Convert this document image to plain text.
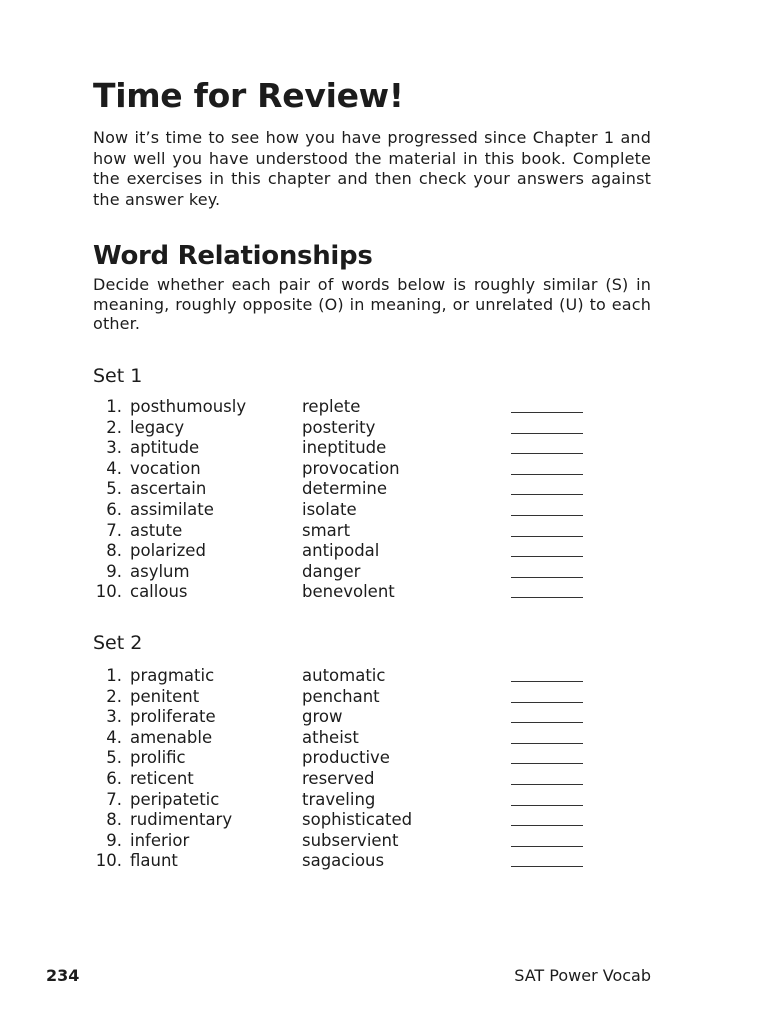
Time for Review!

Now it’s time to see how you have progressed since Chapter 1 and how well you have understood the material in this book. Complete the exercises in this chapter and then check your answers against the answer key.

Word Relationships

Decide whether each pair of words below is roughly similar (S) in meaning, roughly opposite (O) in meaning, or unrelated (U) to each other.

Set 1
1. posthumously	replete
2. legacy	posterity
3. aptitude	ineptitude
4. vocation	provocation
5. ascertain	determine
6. assimilate	isolate
7. astute	smart
8. polarized	antipodal
9. asylum	danger
10. callous	benevolent
Set 2
1. pragmatic	automatic
2. penitent	penchant
3. proliferate	grow
4. amenable	atheist
5. prolific	productive
6. reticent	reserved
7. peripatetic	traveling
8. rudimentary	sophisticated
9. inferior	subservient
10. flaunt	sagacious
234	SAT Power Vocab
